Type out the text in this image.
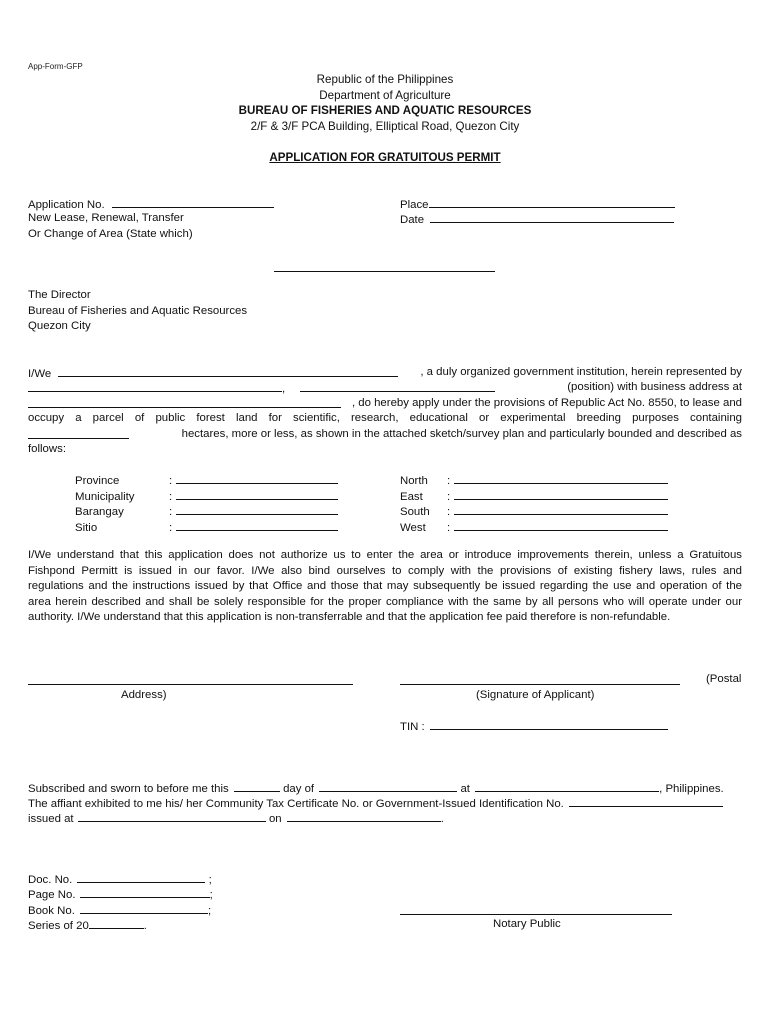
App-Form-GFP
Republic of the Philippines
Department of Agriculture
BUREAU OF FISHERIES AND AQUATIC RESOURCES
2/F & 3/F PCA Building, Elliptical Road, Quezon City
APPLICATION FOR GRATUITOUS PERMIT
Application No.
New Lease, Renewal, Transfer
Or Change of Area (State which)
Place
Date
The Director
Bureau of Fisheries and Aquatic Resources
Quezon City
I/We	, a duly organized government institution, herein represented by
,	(position) with business address at
, do hereby apply under the provisions of Republic Act No. 8550, to lease and
occupy a parcel of public forest land for scientific, research, educational or experimental breeding purposes containing
hectares, more or less, as shown in the attached sketch/survey plan and particularly bounded and described as
follows:
Province	:
Municipality	:
Barangay	:
Sitio	:
North :
East :
South :
West :
I/We understand that this application does not authorize us to enter the area or introduce improvements therein, unless a Gratuitous
Fishpond Permitt is issued in our favor. I/We also bind ourselves to comply with the provisions of existing fishery laws, rules and
regulations and the instructions issued by that Office and those that may subsequently be issued regarding the use and operation of the
area herein described and shall be solely responsible for the proper compliance with the same by all persons who will operate under our
authority. I/We understand that this application is non-transferrable and that the application fee paid therefore is non-refundable.
(Postal
Address)	(Signature of Applicant)
TIN :
Subscribed and sworn to before me this	day of	at	, Philippines.
The affiant exhibited to me his/ her Community Tax Certificate No. or Government-Issued Identification No.
issued at	on	.
Doc. No.	;
Page No.	;
Book No.	;
Series of 20	.	Notary Public
